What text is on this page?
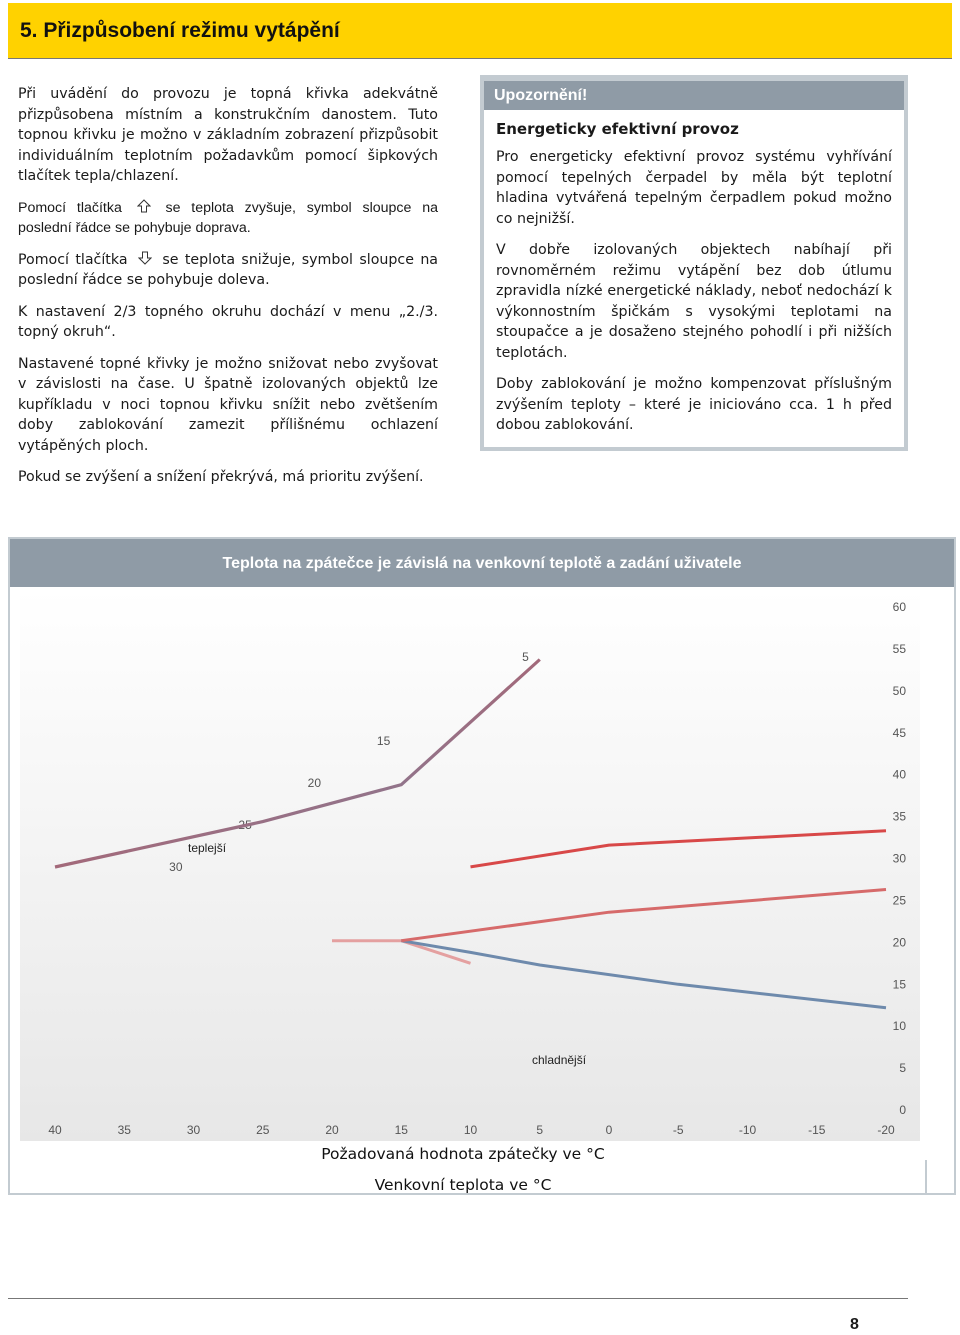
5. Přizpůsobení režimu vytápění

Při uvádění do provozu je topná křivka adekvátně přizpůsobena místním a konstrukčním danostem. Tuto topnou křivku je možno v základním zobrazení přizpůsobit individuálním teplotním požadavkům pomocí šipkových tlačítek tepla/chlazení.

Pomocí tlačítka	se teplota zvyšuje, symbol sloupce na poslední řádce se pohybuje doprava.

Pomocí tlačítka se teplota snižuje, symbol sloupce na poslední řádce se pohybuje doleva.

K nastavení 2/3 topného okruhu dochází v menu „2./3. topný okruh“.

Nastavené topné křivky je možno snižovat nebo zvyšovat v závislosti na čase. U špatně izolovaných objektů lze kupříkladu v noci topnou křivku snížit nebo zvětšením doby zablokování zamezit přílišnému ochlazení vytápěných ploch.

Pokud se zvýšení a snížení překrývá, má prioritu zvýšení.

Upozornění!
Energeticky efektivní provoz

Pro energeticky efektivní provoz systému vyhřívání pomocí tepelných čerpadel by měla být teplotní hladina vytvářená tepelným čerpadlem pokud možno co nejnižší.

V dobře izolovaných objektech nabíhají při rovnoměrném režimu vytápění bez dob útlumu zpravidla nízké energetické náklady, neboť nedochází k výkonnostním špičkám s vysokými teplotami na stoupačce a je dosaženo stejného pohodlí i při nižších teplotách.

Doby zablokování je možno kompenzovat příslušným zvýšením teploty – které je iniciováno cca. 1 h před dobou zablokování.

Teplota na zpátečce je závislá na venkovní teplotě a zadání uživatele
0
5
10
15
20
25
30
35
40
45
50
55
60
30
25
20
15
5
40	35	30	25	20	15	10	5	0	-5	-10	-15	-20
teplejší
chladnější
Požadovaná hodnota zpátečky ve °C
Venkovní teplota ve °C
8
